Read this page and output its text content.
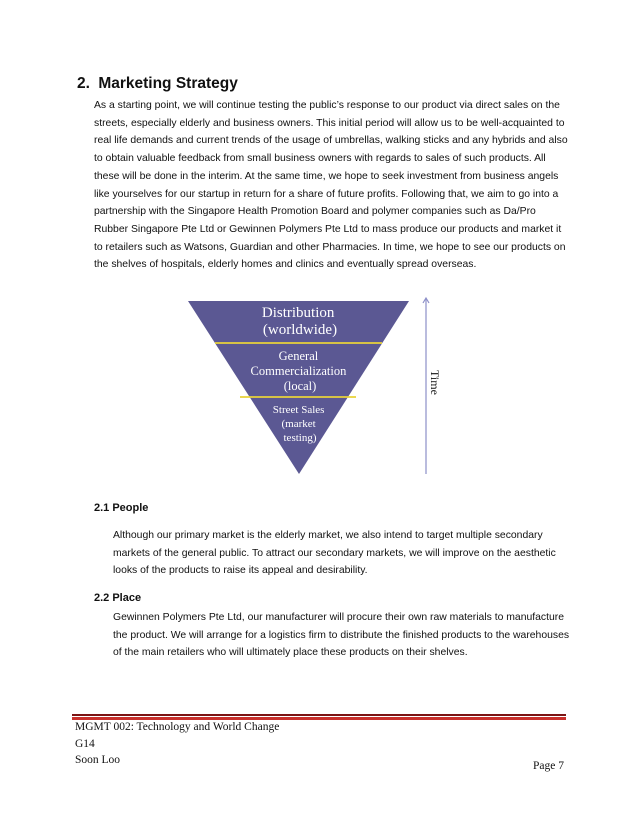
2. Marketing Strategy

As a starting point, we will continue testing the public’s response to our product via direct sales on the streets, especially elderly and business owners. This initial period will allow us to be well-acquainted to real life demands and current trends of the usage of umbrellas, walking sticks and any hybrids and also to obtain valuable feedback from small business owners with regards to sales of such products. All these will be done in the interim. At the same time, we hope to seek investment from business angels like yourselves for our startup in return for a share of future profits. Following that, we aim to go into a partnership with the Singapore Health Promotion Board and polymer companies such as Da/Pro Rubber Singapore Pte Ltd or Gewinnen Polymers Pte Ltd to mass produce our products and market it to retailers such as Watsons, Guardian and other Pharmacies. In time, we hope to see our products on the shelves of hospitals, elderly homes and clinics and eventually spread overseas.

Distribution (worldwide)
General Commercialization (local)
Street Sales (market testing)
Time
2.1 People

Although our primary market is the elderly market, we also intend to target multiple secondary markets of the general public. To attract our secondary markets, we will improve on the aesthetic looks of the products to raise its appeal and desirability.

2.2 Place

Gewinnen Polymers Pte Ltd, our manufacturer will procure their own raw materials to manufacture the product. We will arrange for a logistics firm to distribute the finished products to the warehouses of the main retailers who will ultimately place these products on their shelves.

MGMT 002: Technology and World Change
G14
Soon Loo	Page 7
